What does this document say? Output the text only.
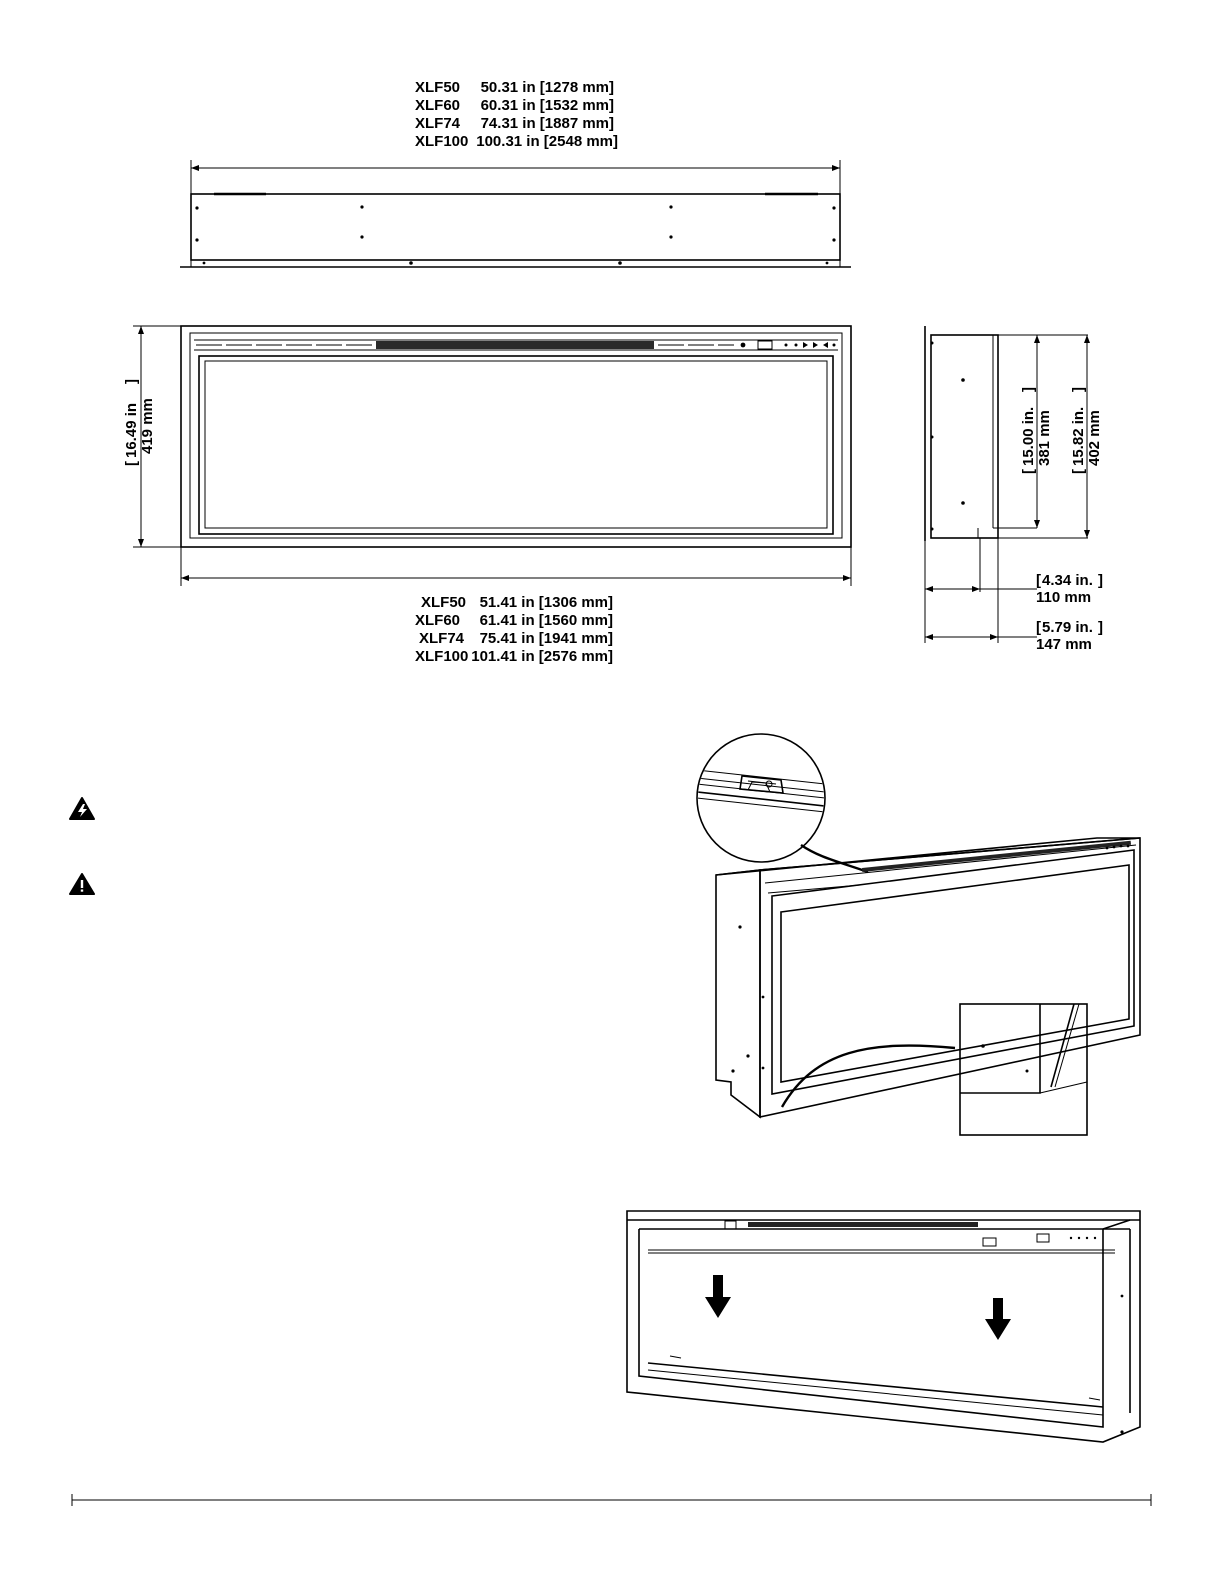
XLF50 50.31 in [1278 mm]
XLF60 60.31 in [1532 mm]
XLF74 74.31 in [1887 mm]
XLF100 100.31 in [2548 mm]
16.49 in 419 mm
[
]
XLF50 51.41 in [1306 mm]
XLF60 61.41 in [1560 mm]
XLF74 75.41 in [1941 mm]
XLF100 101.41 in [2576 mm]
15.00 in. 381 mm
[
]
15.82 in. 402 mm
[
]
[ 4.34 in. ]
110 mm
[ 5.79 in. ]
147 mm
